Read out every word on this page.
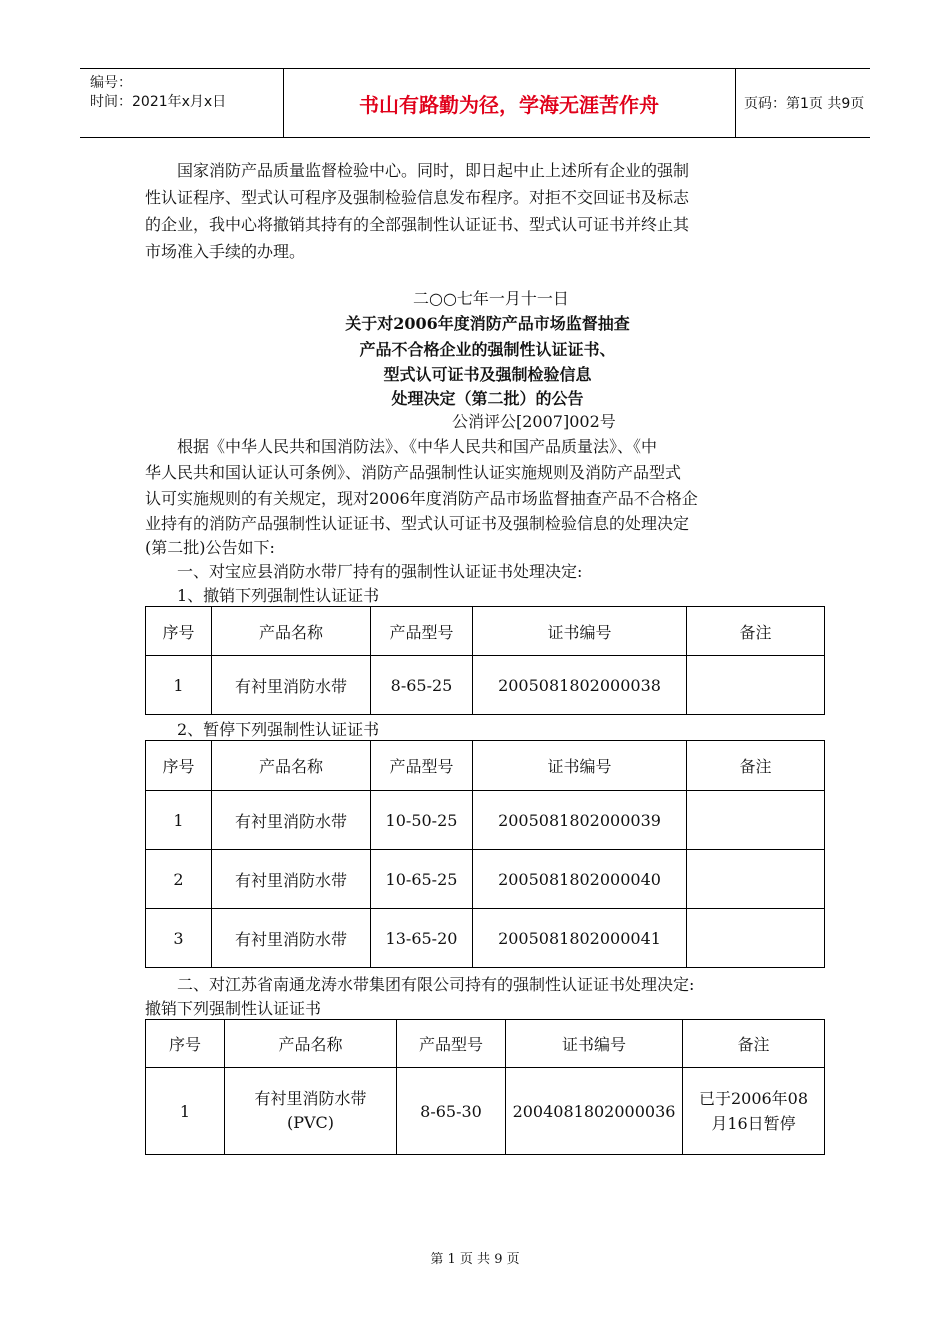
编号：
时间：2021年x月x日	书山有路勤为径，学海无涯苦作舟	页码：第1页 共9页
国家消防产品质量监督检验中心。同时，即日起中止上述所有企业的强制
性认证程序、型式认可程序及强制检验信息发布程序。对拒不交回证书及标志
的企业，我中心将撤销其持有的全部强制性认证证书、型式认可证书并终止其
市场准入手续的办理。
二○○七年一月十一日
关于对2006年度消防产品市场监督抽查
产品不合格企业的强制性认证证书、
型式认可证书及强制检验信息
处理决定（第二批）的公告
公消评公[2007]002号
根据《中华人民共和国消防法》、《中华人民共和国产品质量法》、《中
华人民共和国认证认可条例》、消防产品强制性认证实施规则及消防产品型式
认可实施规则的有关规定，现对2006年度消防产品市场监督抽查产品不合格企
业持有的消防产品强制性认证证书、型式认可证书及强制检验信息的处理决定
(第二批)公告如下:
一、对宝应县消防水带厂持有的强制性认证证书处理决定:
1、撤销下列强制性认证证书
序号	产品名称	产品型号	证书编号	备注
1	有衬里消防水带	8-65-25	2005081802000038	
2、暂停下列强制性认证证书
序号	产品名称	产品型号	证书编号	备注
1	有衬里消防水带	10-50-25	2005081802000039	
2	有衬里消防水带	10-65-25	2005081802000040	
3	有衬里消防水带	13-65-20	2005081802000041	
二、对江苏省南通龙涛水带集团有限公司持有的强制性认证证书处理决定:
撤销下列强制性认证证书
序号	产品名称	产品型号	证书编号	备注
1	有衬里消防水带(PVC)	8-65-30	2004081802000036	已于2006年08月16日暂停
第 1 页 共 9 页
